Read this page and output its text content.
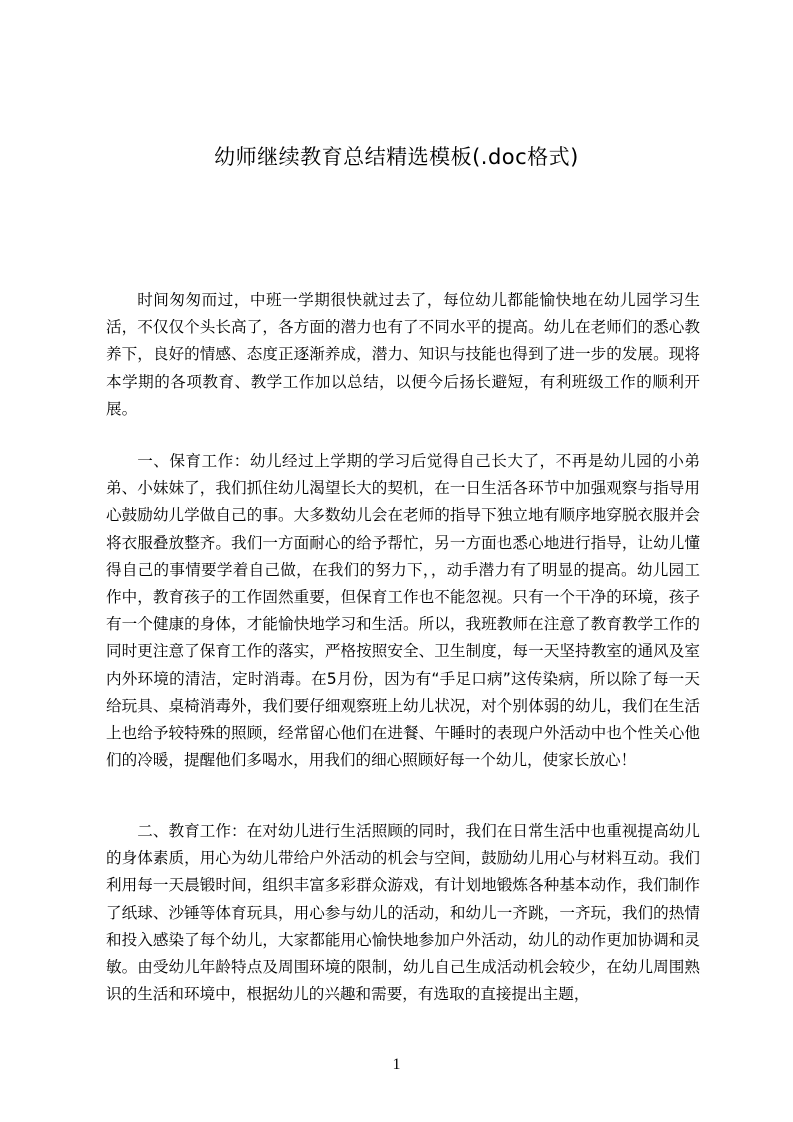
幼师继续教育总结精选模板(.doc格式)

时间匆匆而过，中班一学期很快就过去了，每位幼儿都能愉快地在幼儿园学习生活，不仅仅个头长高了，各方面的潜力也有了不同水平的提高。幼儿在老师们的悉心教养下，良好的情感、态度正逐渐养成，潜力、知识与技能也得到了进一步的发展。现将本学期的各项教育、教学工作加以总结，以便今后扬长避短，有利班级工作的顺利开展。

一、保育工作：幼儿经过上学期的学习后觉得自己长大了，不再是幼儿园的小弟弟、小妹妹了，我们抓住幼儿渴望长大的契机，在一日生活各环节中加强观察与指导用心鼓励幼儿学做自己的事。大多数幼儿会在老师的指导下独立地有顺序地穿脱衣服并会将衣服叠放整齐。我们一方面耐心的给予帮忙，另一方面也悉心地进行指导，让幼儿懂得自己的事情要学着自己做，在我们的努力下，，动手潜力有了明显的提高。幼儿园工作中，教育孩子的工作固然重要，但保育工作也不能忽视。只有一个干净的环境，孩子有一个健康的身体，才能愉快地学习和生活。所以，我班教师在注意了教育教学工作的同时更注意了保育工作的落实，严格按照安全、卫生制度，每一天坚持教室的通风及室内外环境的清洁，定时消毒。在5月份，因为有“手足口病”这传染病，所以除了每一天给玩具、桌椅消毒外，我们要仔细观察班上幼儿状况，对个别体弱的幼儿，我们在生活上也给予较特殊的照顾，经常留心他们在进餐、午睡时的表现户外活动中也个性关心他们的冷暖，提醒他们多喝水，用我们的细心照顾好每一个幼儿，使家长放心！

二、教育工作：在对幼儿进行生活照顾的同时，我们在日常生活中也重视提高幼儿的身体素质，用心为幼儿带给户外活动的机会与空间，鼓励幼儿用心与材料互动。我们利用每一天晨锻时间，组织丰富多彩群众游戏，有计划地锻炼各种基本动作，我们制作了纸球、沙锤等体育玩具，用心参与幼儿的活动，和幼儿一齐跳，一齐玩，我们的热情和投入感染了每个幼儿，大家都能用心愉快地参加户外活动，幼儿的动作更加协调和灵敏。由受幼儿年龄特点及周围环境的限制，幼儿自己生成活动机会较少，在幼儿周围熟识的生活和环境中，根据幼儿的兴趣和需要，有选取的直接提出主题，

1
